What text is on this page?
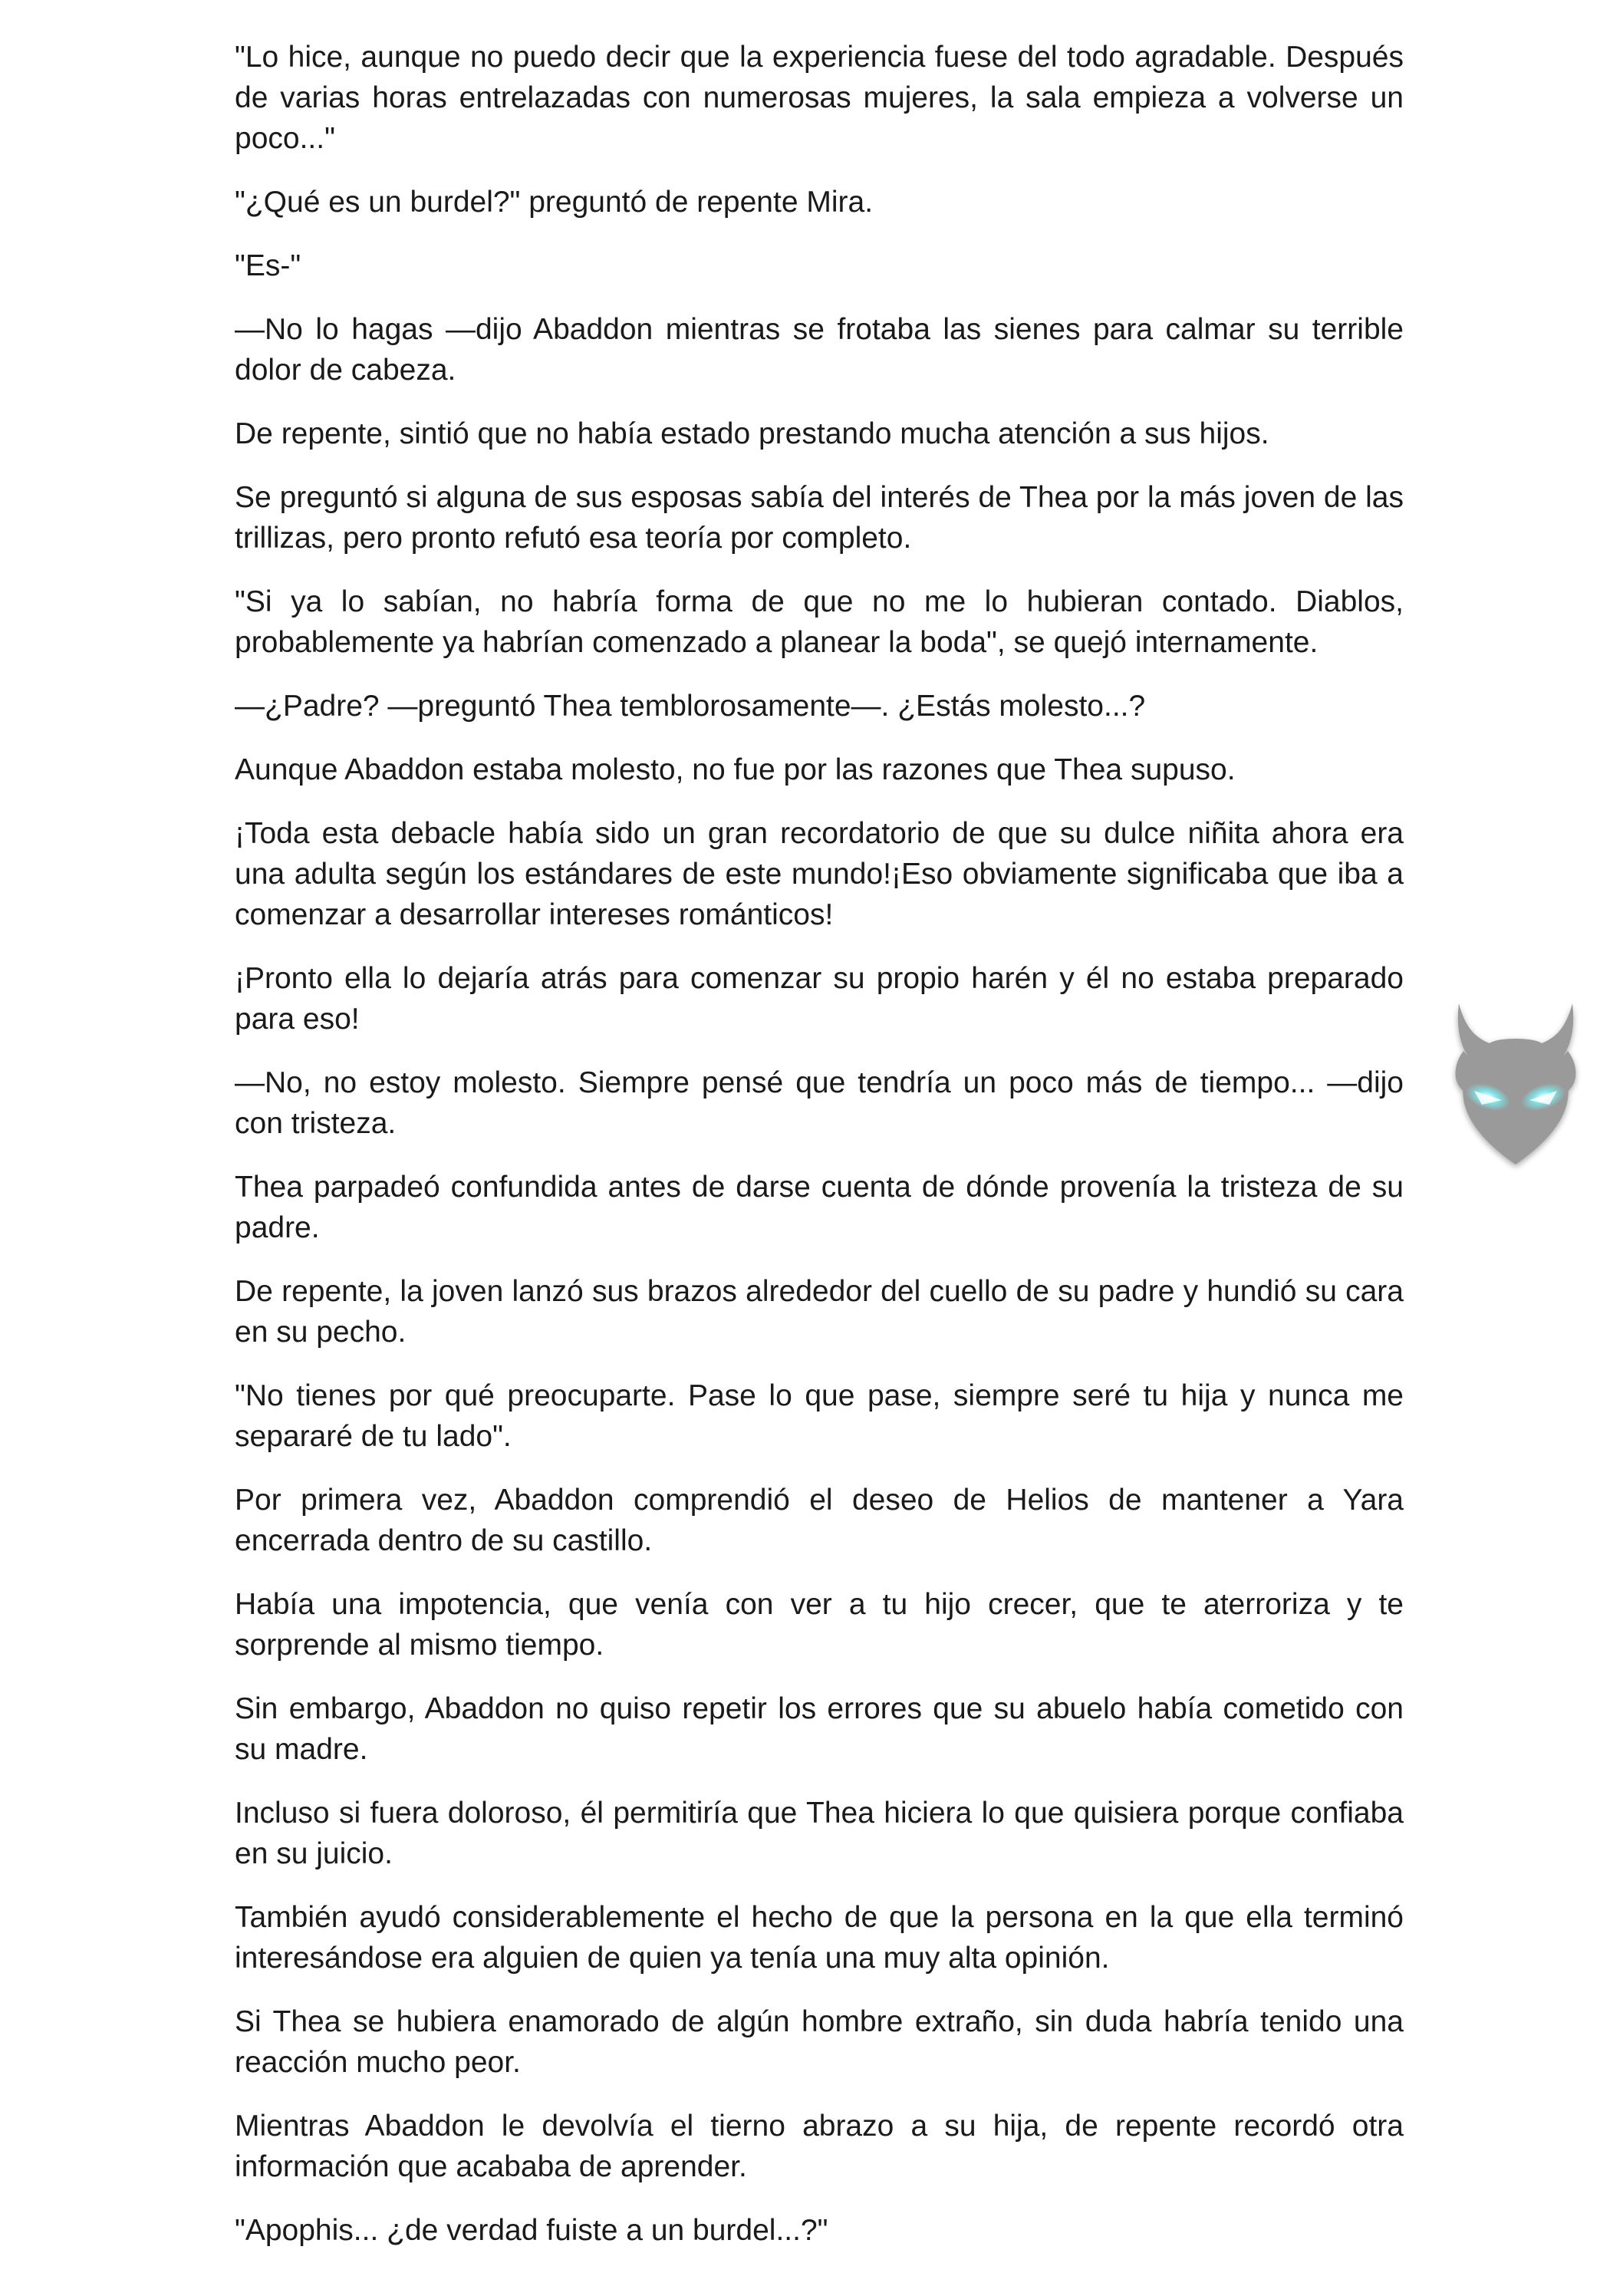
"Lo hice, aunque no puedo decir que la experiencia fuese del todo agradable. Después de varias horas entrelazadas con numerosas mujeres, la sala empieza a volverse un poco..."

"¿Qué es un burdel?" preguntó de repente Mira.

"Es-"

—No lo hagas —dijo Abaddon mientras se frotaba las sienes para calmar su terrible dolor de cabeza.

De repente, sintió que no había estado prestando mucha atención a sus hijos.

Se preguntó si alguna de sus esposas sabía del interés de Thea por la más joven de las trillizas, pero pronto refutó esa teoría por completo.

"Si ya lo sabían, no habría forma de que no me lo hubieran contado. Diablos, probablemente ya habrían comenzado a planear la boda", se quejó internamente.

—¿Padre? —preguntó Thea temblorosamente—. ¿Estás molesto...?

Aunque Abaddon estaba molesto, no fue por las razones que Thea supuso.

¡Toda esta debacle había sido un gran recordatorio de que su dulce niñita ahora era una adulta según los estándares de este mundo!¡Eso obviamente significaba que iba a comenzar a desarrollar intereses románticos!

¡Pronto ella lo dejaría atrás para comenzar su propio harén y él no estaba preparado para eso!

—No, no estoy molesto. Siempre pensé que tendría un poco más de tiempo... —dijo con tristeza.

Thea parpadeó confundida antes de darse cuenta de dónde provenía la tristeza de su padre.

De repente, la joven lanzó sus brazos alrededor del cuello de su padre y hundió su cara en su pecho.

"No tienes por qué preocuparte. Pase lo que pase, siempre seré tu hija y nunca me separaré de tu lado".

Por primera vez, Abaddon comprendió el deseo de Helios de mantener a Yara encerrada dentro de su castillo.

Había una impotencia, que venía con ver a tu hijo crecer, que te aterroriza y te sorprende al mismo tiempo.

Sin embargo, Abaddon no quiso repetir los errores que su abuelo había cometido con su madre.

Incluso si fuera doloroso, él permitiría que Thea hiciera lo que quisiera porque confiaba en su juicio.

También ayudó considerablemente el hecho de que la persona en la que ella terminó interesándose era alguien de quien ya tenía una muy alta opinión.

Si Thea se hubiera enamorado de algún hombre extraño, sin duda habría tenido una reacción mucho peor.

Mientras Abaddon le devolvía el tierno abrazo a su hija, de repente recordó otra información que acababa de aprender.

"Apophis... ¿de verdad fuiste a un burdel...?"
